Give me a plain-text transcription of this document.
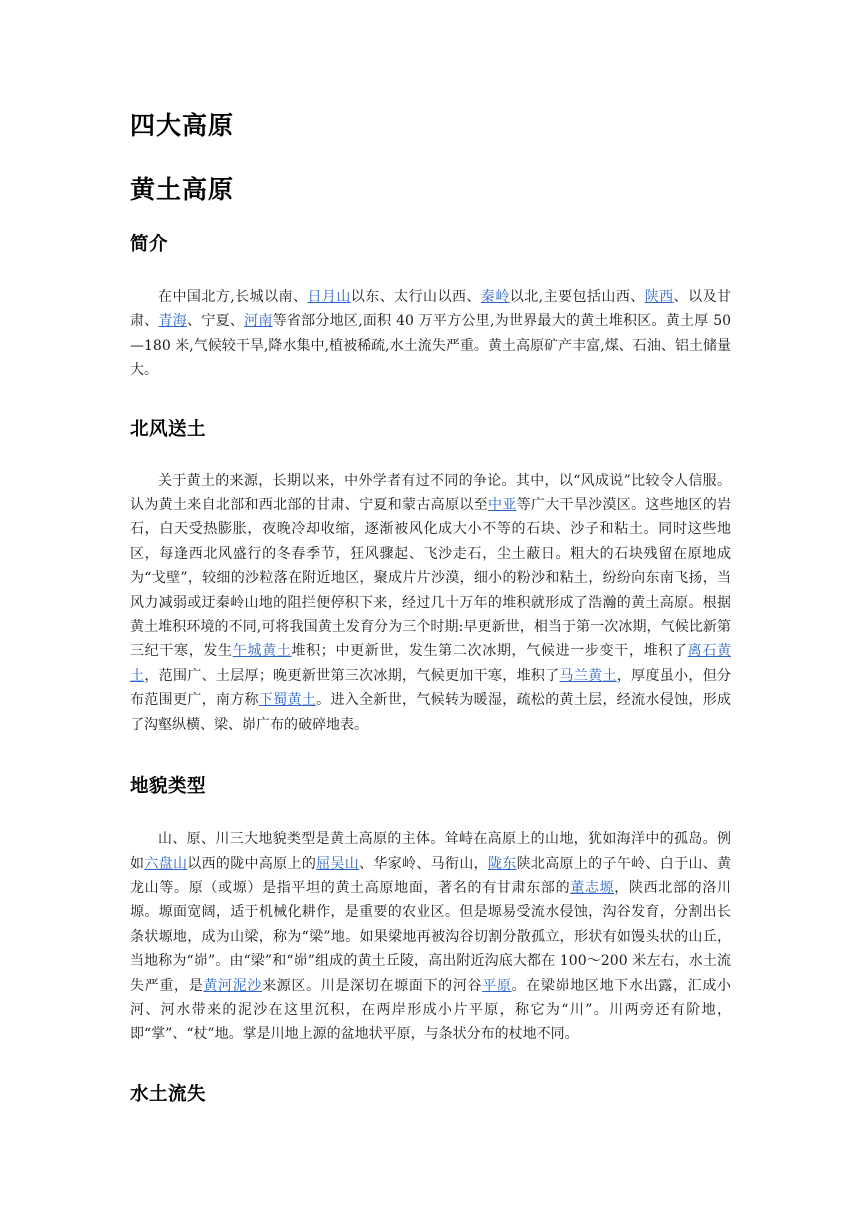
四大高原
黄土高原
简介

在中国北方,长城以南、日月山以东、太行山以西、秦岭以北,主要包括山西、陕西、以及甘肃、青海、宁夏、河南等省部分地区,面积 40 万平方公里,为世界最大的黄土堆积区。黄土厚 50—180 米,气候较干旱,降水集中,植被稀疏,水土流失严重。黄土高原矿产丰富,煤、石油、铝土储量大。

北风送土

关于黄土的来源，长期以来，中外学者有过不同的争论。其中，以“风成说”比较令人信服。认为黄土来自北部和西北部的甘肃、宁夏和蒙古高原以至中亚等广大干旱沙漠区。这些地区的岩石，白天受热膨胀，夜晚冷却收缩，逐渐被风化成大小不等的石块、沙子和粘土。同时这些地区，每逢西北风盛行的冬春季节，狂风骤起、飞沙走石，尘土蔽日。粗大的石块残留在原地成为“戈壁”，较细的沙粒落在附近地区，聚成片片沙漠，细小的粉沙和粘土，纷纷向东南飞扬，当风力减弱或迂秦岭山地的阻拦便停积下来，经过几十万年的堆积就形成了浩瀚的黄土高原。根据黄土堆积环境的不同,可将我国黄土发育分为三个时期:早更新世，相当于第一次冰期，气候比新第三纪干寒，发生午城黄土堆积；中更新世，发生第二次冰期，气候进一步变干，堆积了离石黄土，范围广、土层厚；晚更新世第三次冰期，气候更加干寒，堆积了马兰黄土，厚度虽小，但分布范围更广，南方称下蜀黄土。进入全新世，气候转为暖湿，疏松的黄土层，经流水侵蚀，形成了沟壑纵横、梁、峁广布的破碎地表。

地貌类型

山、原、川三大地貌类型是黄土高原的主体。耸峙在高原上的山地，犹如海洋中的孤岛。例如六盘山以西的陇中高原上的屈吴山、华家岭、马衔山，陇东陕北高原上的子午岭、白于山、黄龙山等。原（或塬）是指平坦的黄土高原地面，著名的有甘肃东部的董志塬，陕西北部的洛川塬。塬面宽阔，适于机械化耕作，是重要的农业区。但是塬易受流水侵蚀，沟谷发育，分割出长条状塬地，成为山梁，称为“梁”地。如果梁地再被沟谷切割分散孤立，形状有如馒头状的山丘，当地称为“峁”。由“梁”和“峁”组成的黄土丘陵，高出附近沟底大都在 100～200 米左右，水土流失严重，是黄河泥沙来源区。川是深切在塬面下的河谷平原。在梁峁地区地下水出露，汇成小河、河水带来的泥沙在这里沉积，在两岸形成小片平原，称它为“川”。川两旁还有阶地，即“掌”、“杖”地。掌是川地上源的盆地状平原，与条状分布的杖地不同。

水土流失
